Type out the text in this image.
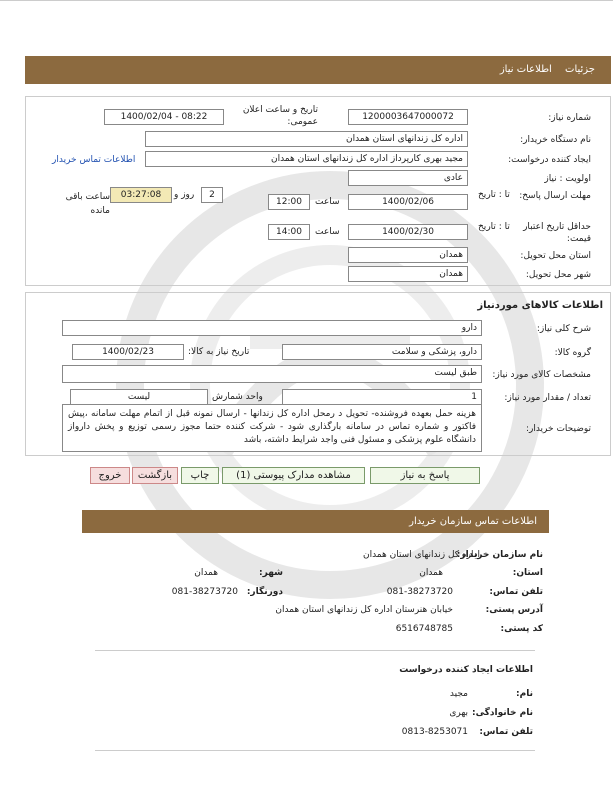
جزئیات اطلاعات نیاز
شماره نیاز:
1200003647000072
تاریخ و ساعت اعلان عمومی:
1400/02/04 - 08:22
نام دستگاه خریدار:
اداره کل زندانهای استان همدان
ایجاد کننده درخواست:
مجید بهری کارپرداز اداره کل زندانهای استان همدان
اطلاعات تماس خریدار
اولویت : نیاز
عادی
مهلت ارسال پاسخ:
تا : تاریخ
1400/02/06
ساعت
12:00
2
روز و
03:27:08
ساعت باقی مانده
حداقل تاریخ اعتبار قیمت:
تا : تاریخ
1400/02/30
ساعت
14:00
استان محل تحویل:
همدان
شهر محل تحویل:
همدان
اطلاعات کالاهای موردنیاز
شرح کلی نیاز:
دارو
گروه کالا:
دارو، پزشکی و سلامت
تاریخ نیاز به کالا:
1400/02/23
مشخصات کالای مورد نیاز:
طبق لیست
تعداد / مقدار مورد نیاز:
1
واحد شمارش
لیست
توضیحات خریدار:
هزینه حمل بعهده فروشنده- تحویل د رمحل اداره کل زندانها - ارسال نمونه قبل از اتمام مهلت سامانه ،پیش فاکتور و شماره تماس در سامانه بارگذاری شود - شرکت کننده حتما مجوز رسمی توزیع و پخش دارواز دانشگاه علوم پزشکی و مسئول فنی واجد شرایط داشته، باشد
پاسخ به نیاز
مشاهده مدارک پیوستی (1)
چاپ
بازگشت
خروج
اطلاعات تماس سازمان خریدار
نام سازمان خریدار:
اداره کل زندانهای استان همدان
استان:
همدان
شهر:
همدان
تلفن تماس:
081-38273720
دورنگار:
081-38273720
آدرس پستی:
خیابان هنرستان اداره کل زندانهای استان همدان
کد پستی:
6516748785
اطلاعات ایجاد کننده درخواست
نام:
مجید
نام خانوادگی:
بهری
تلفن تماس:
0813-8253071
